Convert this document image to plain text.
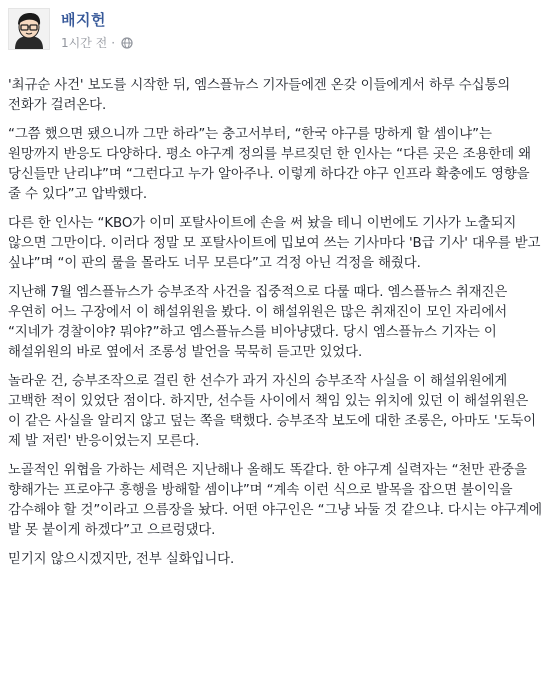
배지헌
1시간 전 ·

'최규순 사건' 보도를 시작한 뒤, 엠스플뉴스 기자들에겐 온갖 이들에게서 하루 수십통의 전화가 걸려온다.

“그쯤 했으면 됐으니까 그만 하라”는 충고서부터, “한국 야구를 망하게 할 셈이냐”는 원망까지 반응도 다양하다. 평소 야구계 정의를 부르짖던 한 인사는 “다른 곳은 조용한데 왜 당신들만 난리냐”며 “그런다고 누가 알아주나. 이렇게 하다간 야구 인프라 확충에도 영향을 줄 수 있다”고 압박했다.

다른 한 인사는 “KBO가 이미 포탈사이트에 손을 써 놨을 테니 이번에도 기사가 노출되지 않으면 그만이다. 이러다 정말 모 포탈사이트에 밉보여 쓰는 기사마다 'B급 기사' 대우를 받고 싶냐”며 “이 판의 룰을 몰라도 너무 모른다”고 걱정 아닌 걱정을 해줬다.

지난해 7월 엠스플뉴스가 승부조작 사건을 집중적으로 다룰 때다. 엠스플뉴스 취재진은 우연히 어느 구장에서 이 해설위원을 봤다. 이 해설위원은 많은 취재진이 모인 자리에서 “지네가 경찰이야? 뭐야?”하고 엠스플뉴스를 비아냥댔다. 당시 엠스플뉴스 기자는 이 해설위원의 바로 옆에서 조롱성 발언을 묵묵히 듣고만 있었다.

놀라운 건, 승부조작으로 걸린 한 선수가 과거 자신의 승부조작 사실을 이 해설위원에게 고백한 적이 있었단 점이다. 하지만, 선수들 사이에서 책임 있는 위치에 있던 이 해설위원은 이 같은 사실을 알리지 않고 덮는 쪽을 택했다. 승부조작 보도에 대한 조롱은, 아마도 '도둑이 제 발 저린' 반응이었는지 모른다.

노골적인 위협을 가하는 세력은 지난해나 올해도 똑같다. 한 야구계 실력자는 “천만 관중을 향해가는 프로야구 흥행을 방해할 셈이냐”며 “계속 이런 식으로 발목을 잡으면 불이익을 감수해야 할 것”이라고 으름장을 놨다. 어떤 야구인은 “그냥 놔둘 것 같으냐. 다시는 야구계에 발 못 붙이게 하겠다”고 으르렁댔다.

믿기지 않으시겠지만, 전부 실화입니다.
